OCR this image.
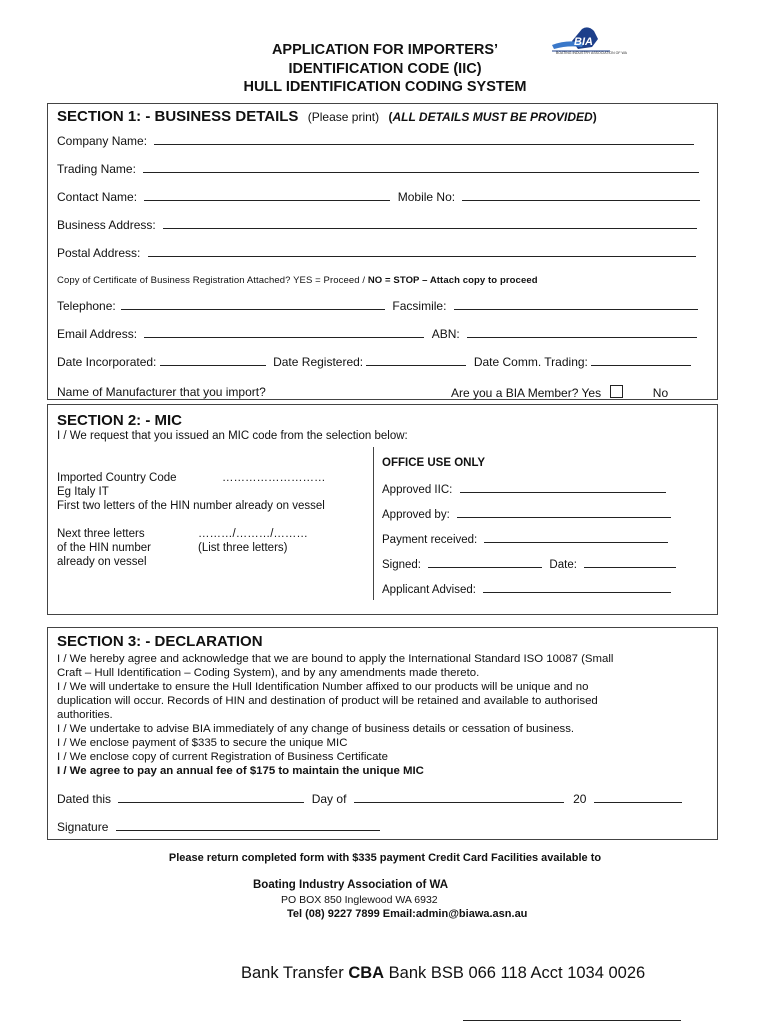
APPLICATION FOR IMPORTERS’
IDENTIFICATION CODE (IIC)
HULL IDENTIFICATION CODING SYSTEM
BIA
BOATING INDUSTRY ASSOCIATION OF WA
SECTION 1: - BUSINESS DETAILS (Please print) (ALL DETAILS MUST BE PROVIDED)
Company Name:
Trading Name:
Contact Name:	Mobile No:
Business Address:
Postal Address:
Copy of Certificate of Business Registration Attached? YES = Proceed / NO = STOP – Attach copy to proceed
Telephone:	Facsimile:
Email Address:	ABN:
Date Incorporated:	Date Registered:	Date Comm. Trading:
Name of Manufacturer that you import?	Are you a BIA Member? Yes	No
SECTION 2: - MIC
I / We request that you issued an MIC code from the selection below:
Imported Country Code	………………………
Eg Italy IT
First two letters of the HIN number already on vessel
Next three letters
of the HIN number
already on vessel
………/………/………
(List three letters)
OFFICE USE ONLY
Approved IIC:
Approved by:
Payment received:
Signed:	Date:
Applicant Advised:
SECTION 3: - DECLARATION
I / We hereby agree and acknowledge that we are bound to apply the International Standard ISO 10087 (Small
Craft – Hull Identification – Coding System), and by any amendments made thereto.
I / We will undertake to ensure the Hull Identification Number affixed to our products will be unique and no
duplication will occur. Records of HIN and destination of product will be retained and available to authorised
authorities.
I / We undertake to advise BIA immediately of any change of business details or cessation of business.
I / We enclose payment of $335 to secure the unique MIC
I / We enclose copy of current Registration of Business Certificate
I / We agree to pay an annual fee of $175 to maintain the unique MIC
Dated this	Day of	20
Signature
Please return completed form with $335 payment Credit Card Facilities available to
Boating Industry Association of WA
PO BOX 850 Inglewood WA 6932
Tel (08) 9227 7899 Email:admin@biawa.asn.au
Bank Transfer CBA Bank BSB 066 118 Acct 1034 0026
